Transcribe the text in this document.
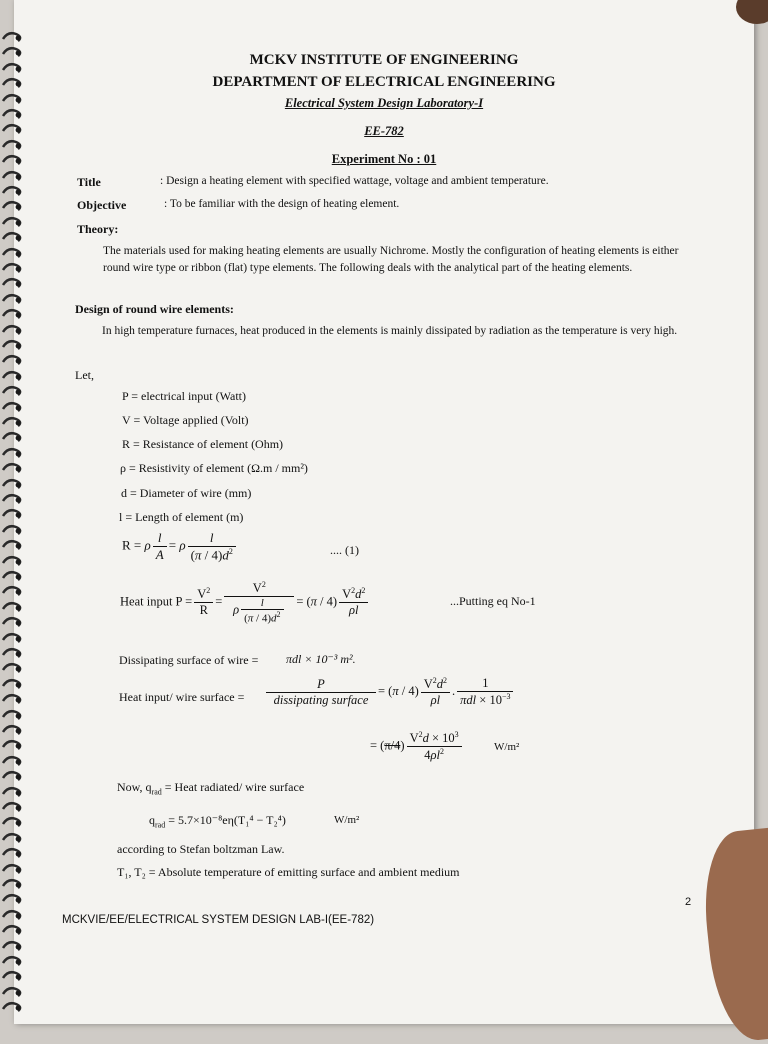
MCKV INSTITUTE OF ENGINEERING
DEPARTMENT OF ELECTRICAL ENGINEERING
Electrical System Design Laboratory-I
EE-782
Experiment No : 01
Title	: Design a heating element with specified wattage, voltage and ambient temperature.
Objective	: To be familiar with the design of heating element.
Theory:
The materials used for making heating elements are usually Nichrome. Mostly the configuration of heating elements is either round wire type or ribbon (flat) type elements. The following deals with the analytical part of the heating elements.
Design of round wire elements:
In high temperature furnaces, heat produced in the elements is mainly dissipated by radiation as the temperature is very high.
Let,
P = electrical input (Watt)
V = Voltage applied (Volt)
R = Resistance of element (Ohm)
ρ = Resistivity of element (Ω.m / mm²)
d = Diameter of wire (mm)
l = Length of element (m)
R = ρ $\frac{l}{A} = \rho \frac{l}{(\pi / 4)d^2}$	.... (1)
Heat input $P = \frac{V^2}{R} = \frac{V^2}{\rho \frac{l}{(\pi / 4)d^2}} = (\pi / 4) \frac{V^2d^2}{\rho l}$	...Putting eq No-1
Dissipating surface of wire = πdl × 10⁻³ m².
Heat input/ wire surface = $\frac{P}{\text{dissipating surface}} = (\pi / 4) \frac{V^2d^2}{\rho l}$ . $\frac{1}{\pi dl \times 10^{-3}}$
= $(\pi/4) \frac{V^2d \times 10^3}{4\rho l^2}$	W/m²
Now, $q_{rad}$ = Heat radiated/ wire surface
$q_{rad} = 5.7\times 10^{-8}e\eta(T_1^4 - T_2^4)$	W/m²
according to Stefan boltzman Law.
T₁, T₂ = Absolute temperature of emitting surface and ambient medium
2
MCKVIE/EE/ELECTRICAL SYSTEM DESIGN LAB-I(EE-782)
